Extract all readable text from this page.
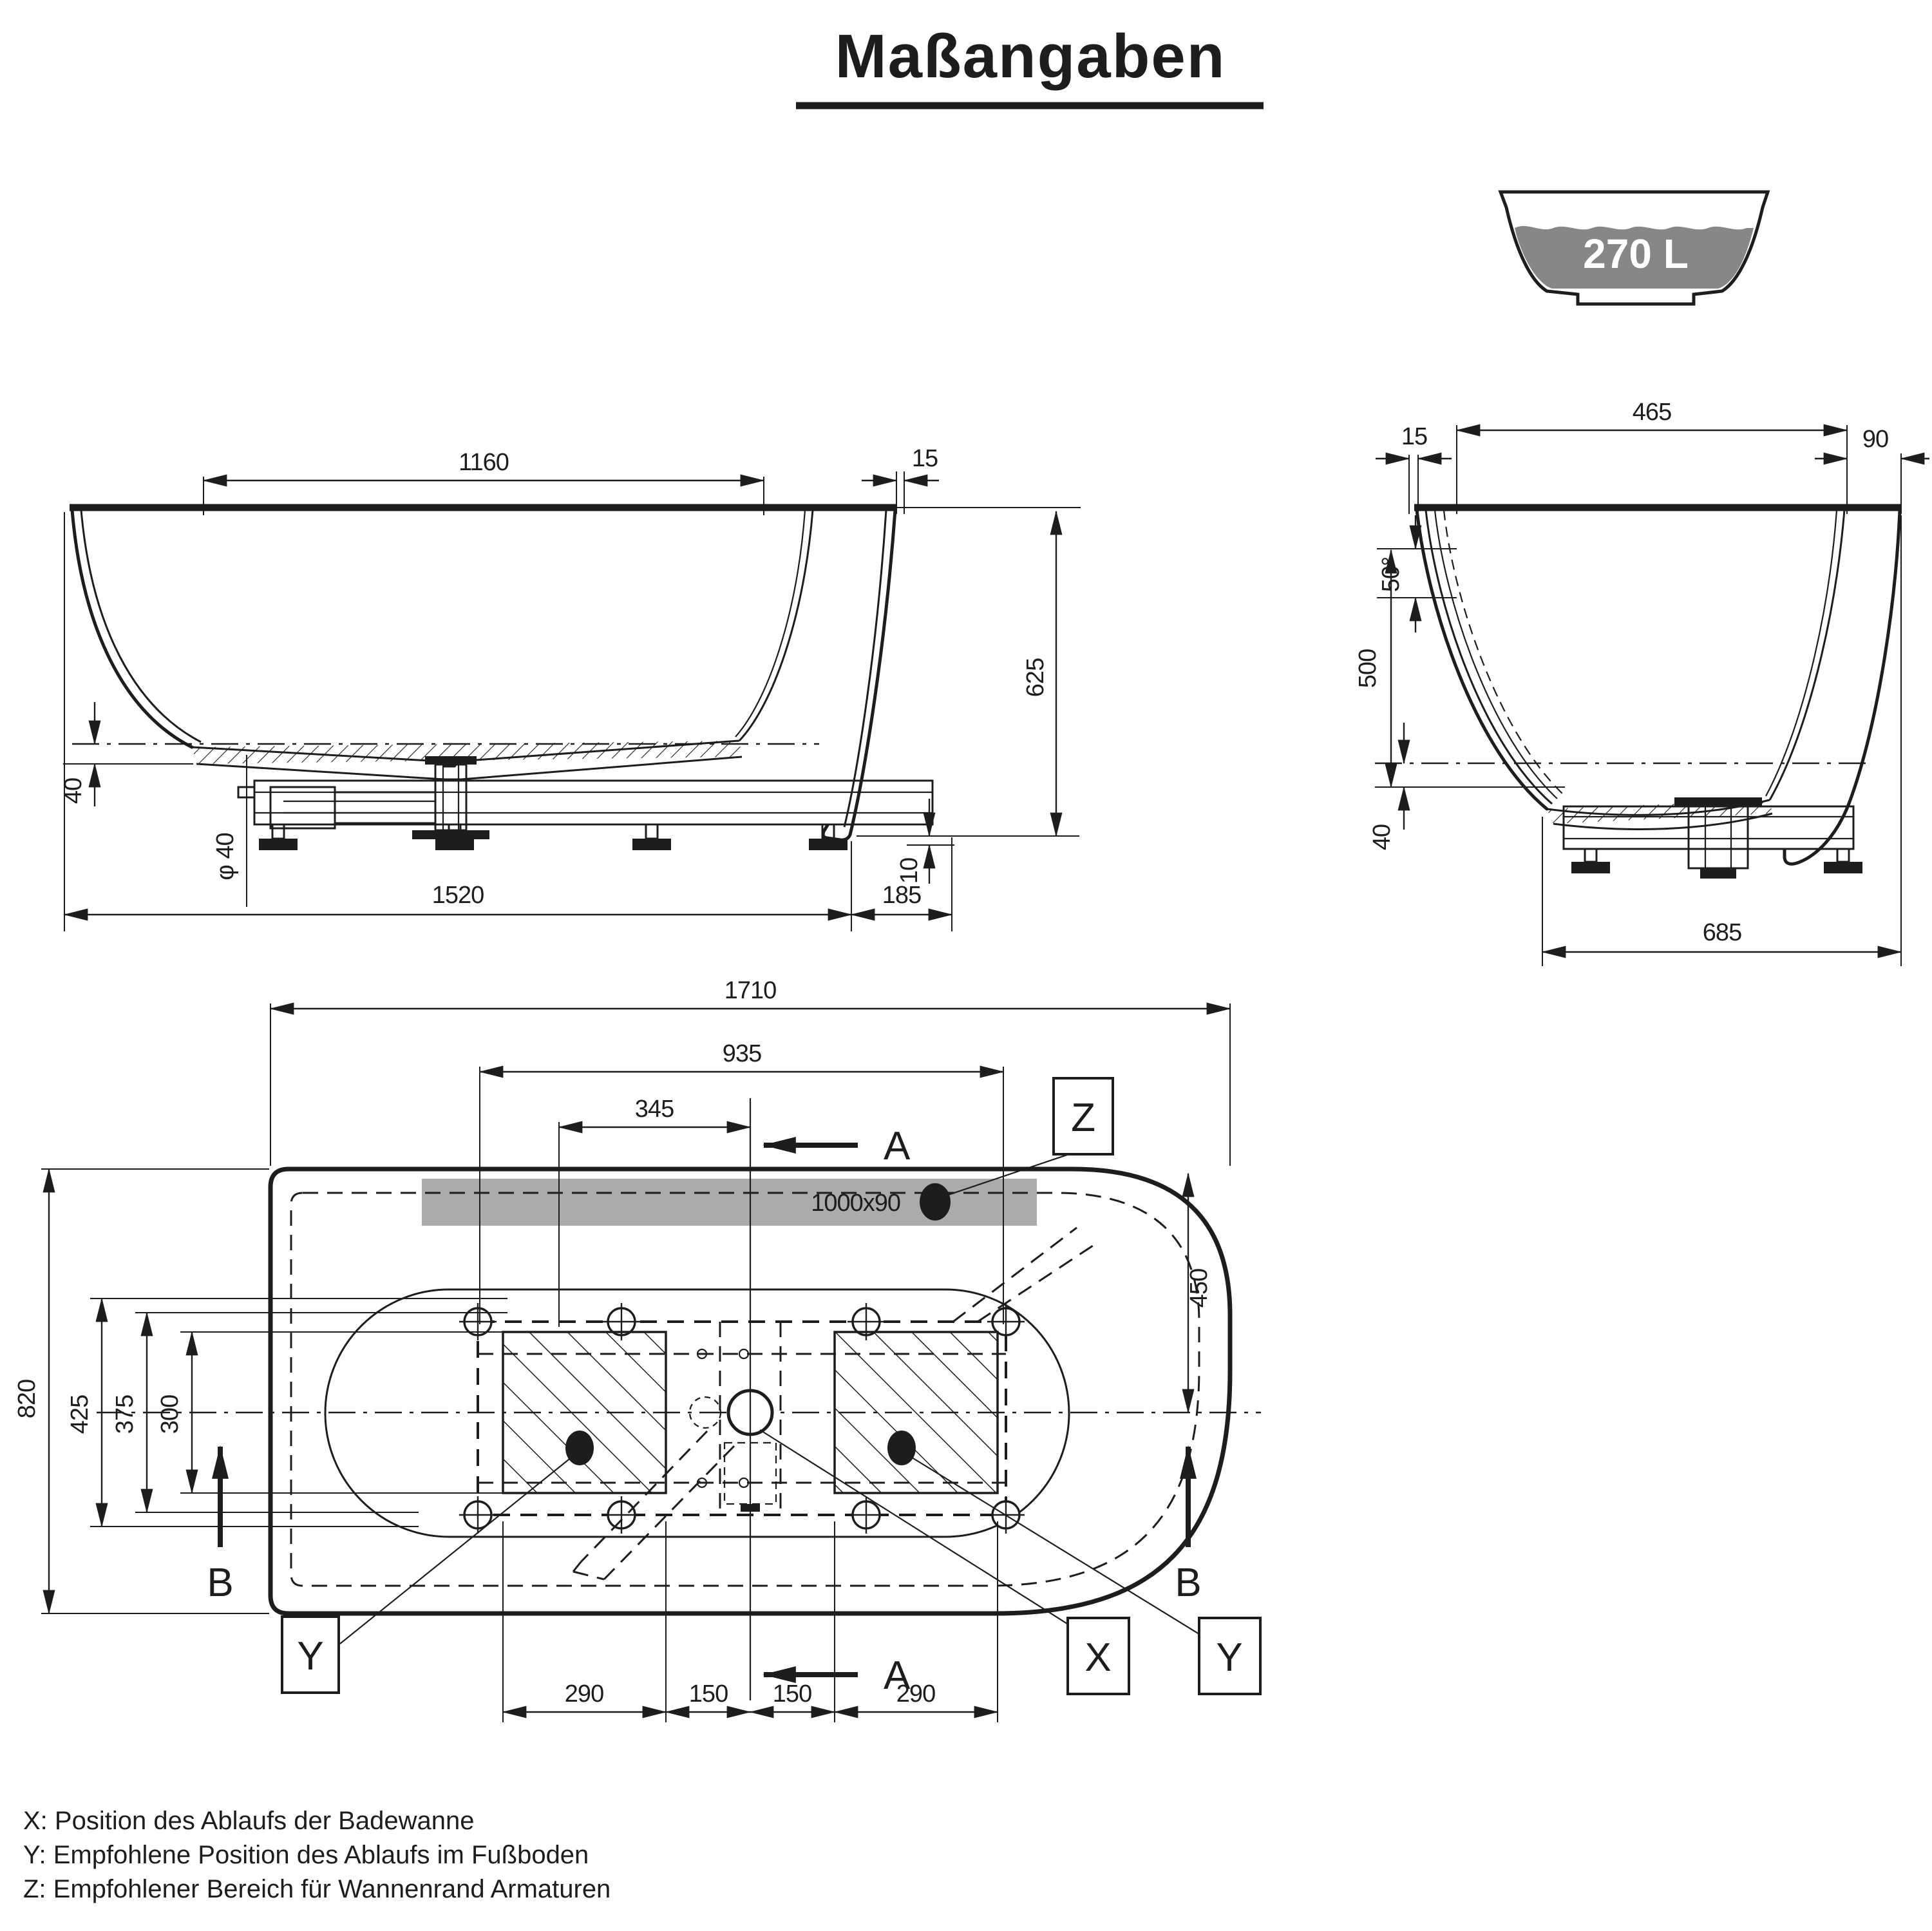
Maßangaben
270 L
1160	15
625
40
φ 40
1520	185
10
465
90
15
50°
500
40
685
1710
935
345
A
A
Z
1000x90
450
B
820 425 375 300
B
Y	X	Y
290	150 150	290
X: Position des Ablaufs der Badewanne
Y: Empfohlene Position des Ablaufs im Fußboden
Z: Empfohlener Bereich für Wannenrand Armaturen
